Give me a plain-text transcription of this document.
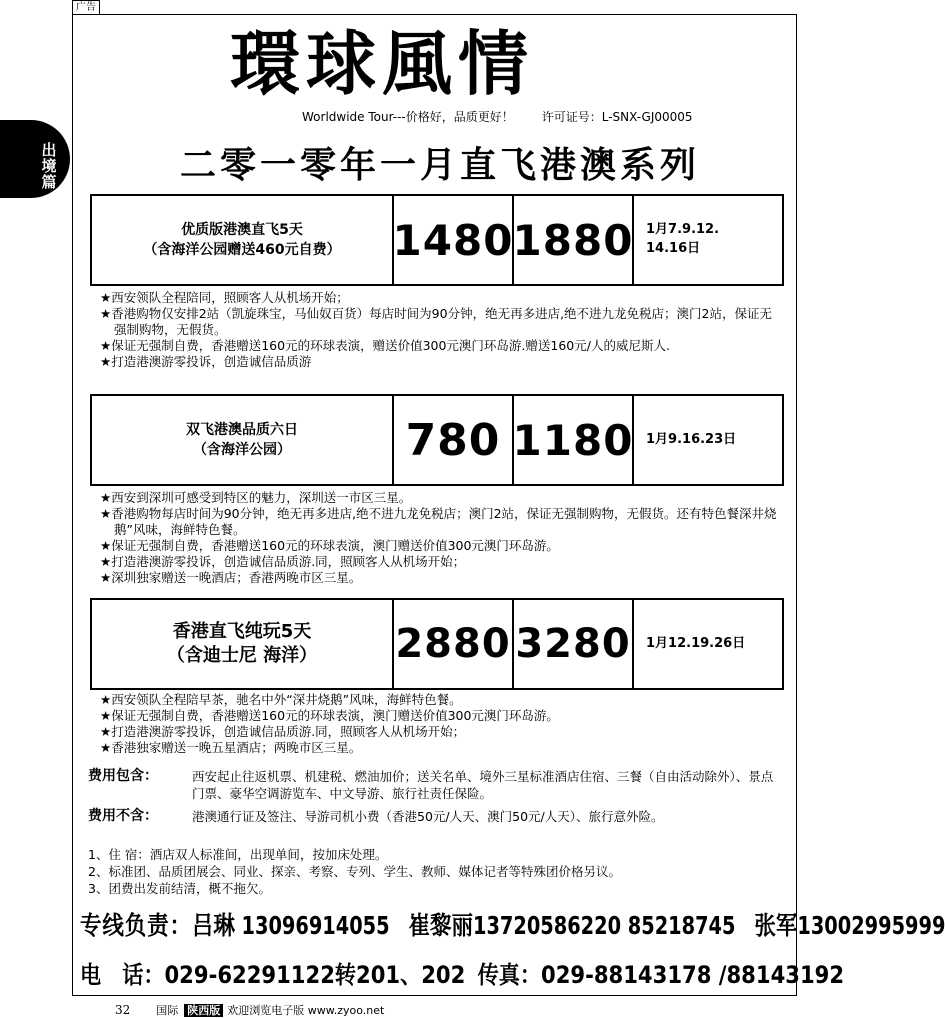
广告
出境篇
環球風情
Worldwide Tour---价格好，品质更好！ 许可证号：L-SNX-GJ00005
二零一零年一月直飞港澳系列
优质版港澳直飞5天
（含海洋公园赠送460元自费） 1480 1880 1月7.9.12.
14.16日
★西安领队全程陪同，照顾客人从机场开始；
★香港购物仅安排2站（凯旋珠宝，马仙奴百货）每店时间为90分钟，绝无再多进店,绝不进九龙免税店；澳门2站，保证无强制购物，无假货。
★保证无强制自费，香港赠送160元的环球表演，赠送价值300元澳门环岛游.赠送160元/人的威尼斯人.
★打造港澳游零投诉，创造诚信品质游
双飞港澳品质六日
（含海洋公园）	780 1180 1月9.16.23日
★西安到深圳可感受到特区的魅力，深圳送一市区三星。
★香港购物每店时间为90分钟，绝无再多进店,绝不进九龙免税店；澳门2站，保证无强制购物，无假货。还有特色餐深井烧鹅”风味，海鲜特色餐。
★保证无强制自费，香港赠送160元的环球表演，澳门赠送价值300元澳门环岛游。
★打造港澳游零投诉，创造诚信品质游.同，照顾客人从机场开始；
★深圳独家赠送一晚酒店；香港两晚市区三星。
香港直飞纯玩5天
（含迪士尼 海洋） 2880 3280 1月12.19.26日
★西安领队全程陪早茶，驰名中外“深井烧鹅”风味，海鲜特色餐。
★保证无强制自费，香港赠送160元的环球表演，澳门赠送价值300元澳门环岛游。
★打造港澳游零投诉，创造诚信品质游.同，照顾客人从机场开始；
★香港独家赠送一晚五星酒店；两晚市区三星。
费用包含：	西安起止往返机票、机建税、燃油加价；送关名单、境外三星标准酒店住宿、三餐（自由活动除外）、景点门票、豪华空调游览车、中文导游、旅行社责任保险。
费用不含：	港澳通行证及签注、导游司机小费（香港50元/人天、澳门50元/人天）、旅行意外险。
1、住 宿：酒店双人标准间，出现单间，按加床处理。
2、标准团、品质团展会、同业、探亲、考察、专列、学生、教师、媒体记者等特殊团价格另议。
3、团费出发前结清，概不拖欠。
专线负责：吕琳 13096914055 崔黎丽13720586220 85218745 张军13002995999
电　话：029-62291122转201、202 传真：029-88143178 /88143192
32 国际 陕西版 欢迎浏览电子版 www.zyoo.net
